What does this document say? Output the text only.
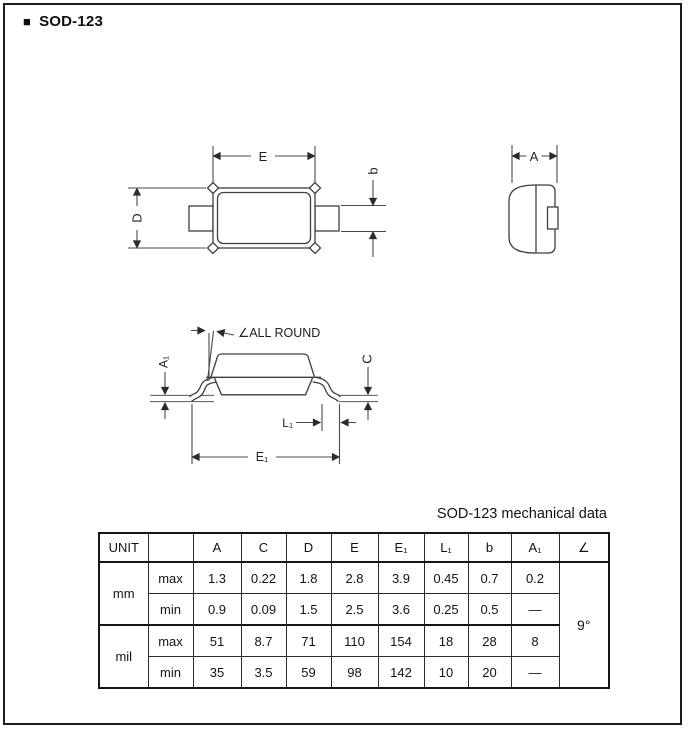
■ SOD-123
E
D
b
A
∠ALL ROUND
A₁	C
L₁
E₁
SOD-123 mechanical data
UNIT		A	C	D	E	E₁	L₁	b	A₁	∠
mm	max	1.3	0.22	1.8	2.8	3.9	0.45	0.7	0.2	9°
	min	0.9	0.09	1.5	2.5	3.6	0.25	0.5	—	
mil	max	51	8.7	71	110	154	18	28	8	
	min	35	3.5	59	98	142	10	20	—	
